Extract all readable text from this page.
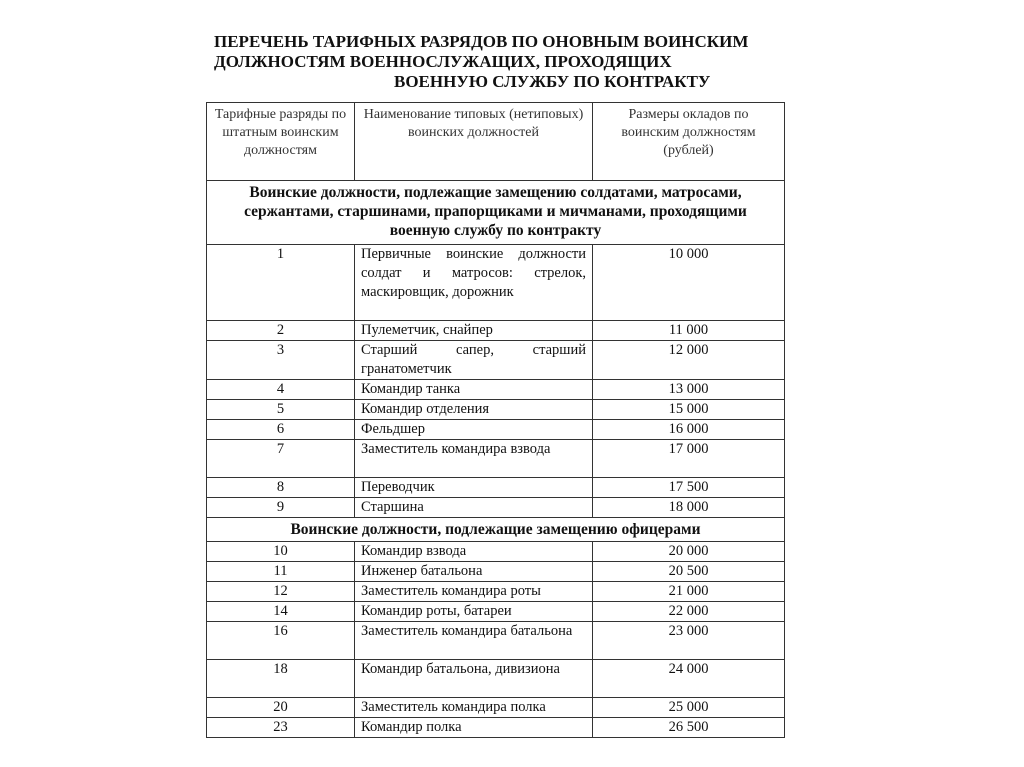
ПЕРЕЧЕНЬ ТАРИФНЫХ РАЗРЯДОВ ПО ОНОВНЫМ ВОИНСКИМ
ДОЛЖНОСТЯМ ВОЕННОСЛУЖАЩИХ, ПРОХОДЯЩИХ
ВОЕННУЮ СЛУЖБУ ПО КОНТРАКТУ
Тарифные разряды по штатным воинским должностям	Наименование типовых (нетиповых) воинских должностей	Размеры окладов по воинским должностям (рублей)
Воинские должности, подлежащие замещению солдатами, матросами, сержантами, старшинами, прапорщиками и мичманами, проходящими военную службу по контракту		
1	Первичные воинские должности солдат и матросов: стрелок, маскировщик, дорожник	10 000
2	Пулеметчик, снайпер	11 000
3	Старший сапер, старший гранатометчик	12 000
4	Командир танка	13 000
5	Командир отделения	15 000
6	Фельдшер	16 000
7	Заместитель командира взвода	17 000
8	Переводчик	17 500
9	Старшина	18 000
Воинские должности, подлежащие замещению офицерами		
10	Командир взвода	20 000
11	Инженер батальона	20 500
12	Заместитель командира роты	21 000
14	Командир роты, батареи	22 000
16	Заместитель командира батальона	23 000
18	Командир батальона, дивизиона	24 000
20	Заместитель командира полка	25 000
23	Командир полка	26 500
